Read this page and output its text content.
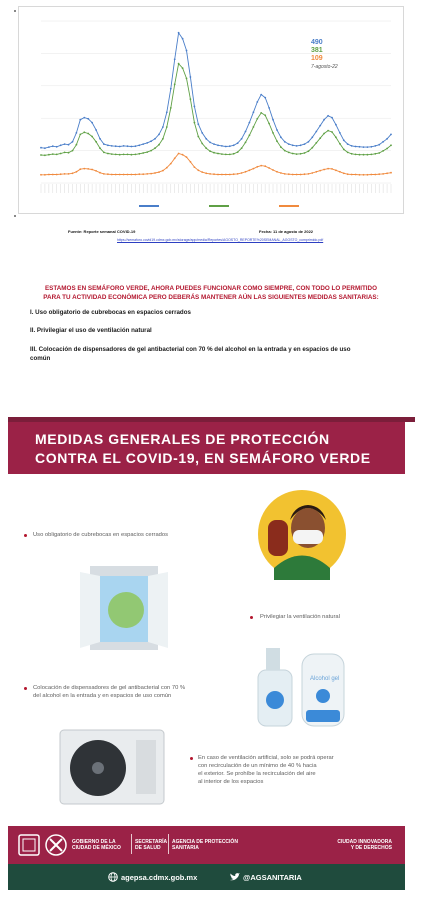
490
381
109
7-agosto-22
Fuente: Reporte semanal COVID-19	Fecha: 11 de agosto de 2022
https://semaforo.covid19.cdmx.gob.mx/storage/app/media/Reportes/AGOSTO_REPORTE%20SEMANAL_AGOSTO_comprimido.pdf
ESTAMOS EN SEMÁFORO VERDE, AHORA PUEDES FUNCIONAR COMO SIEMPRE, CON TODO LO PERMITIDO
PARA TU ACTIVIDAD ECONÓMICA PERO DEBERÁS MANTENER AÚN LAS SIGUIENTES MEDIDAS SANITARIAS:
I. Uso obligatorio de cubrebocas en espacios cerrados
II. Privilegiar el uso de ventilación natural
III. Colocación de dispensadores de gel antibacterial con 70 % del alcohol en la entrada y en espacios de uso
común
MEDIDAS GENERALES DE PROTECCIÓN
CONTRA EL COVID-19, EN SEMÁFORO VERDE
Uso obligatorio de cubrebocas en espacios cerrados
Privilegiar la ventilación natural
Alcohol gel
Colocación de dispensadores de gel antibacterial con 70 %
del alcohol en la entrada y en espacios de uso común
En caso de ventilación artificial, solo se podrá operar
con recirculación de un mínimo de 40 % hacia
el exterior. Se prohíbe la recirculación del aire
al interior de los espacios
GOBIERNO DE LA
CIUDAD DE MÉXICO
SECRETARÍA
DE SALUD
AGENCIA DE PROTECCIÓN
SANITARIA
CIUDAD INNOVADORA
Y DE DERECHOS
agepsa.cdmx.gob.mx	@AGSANITARIA
